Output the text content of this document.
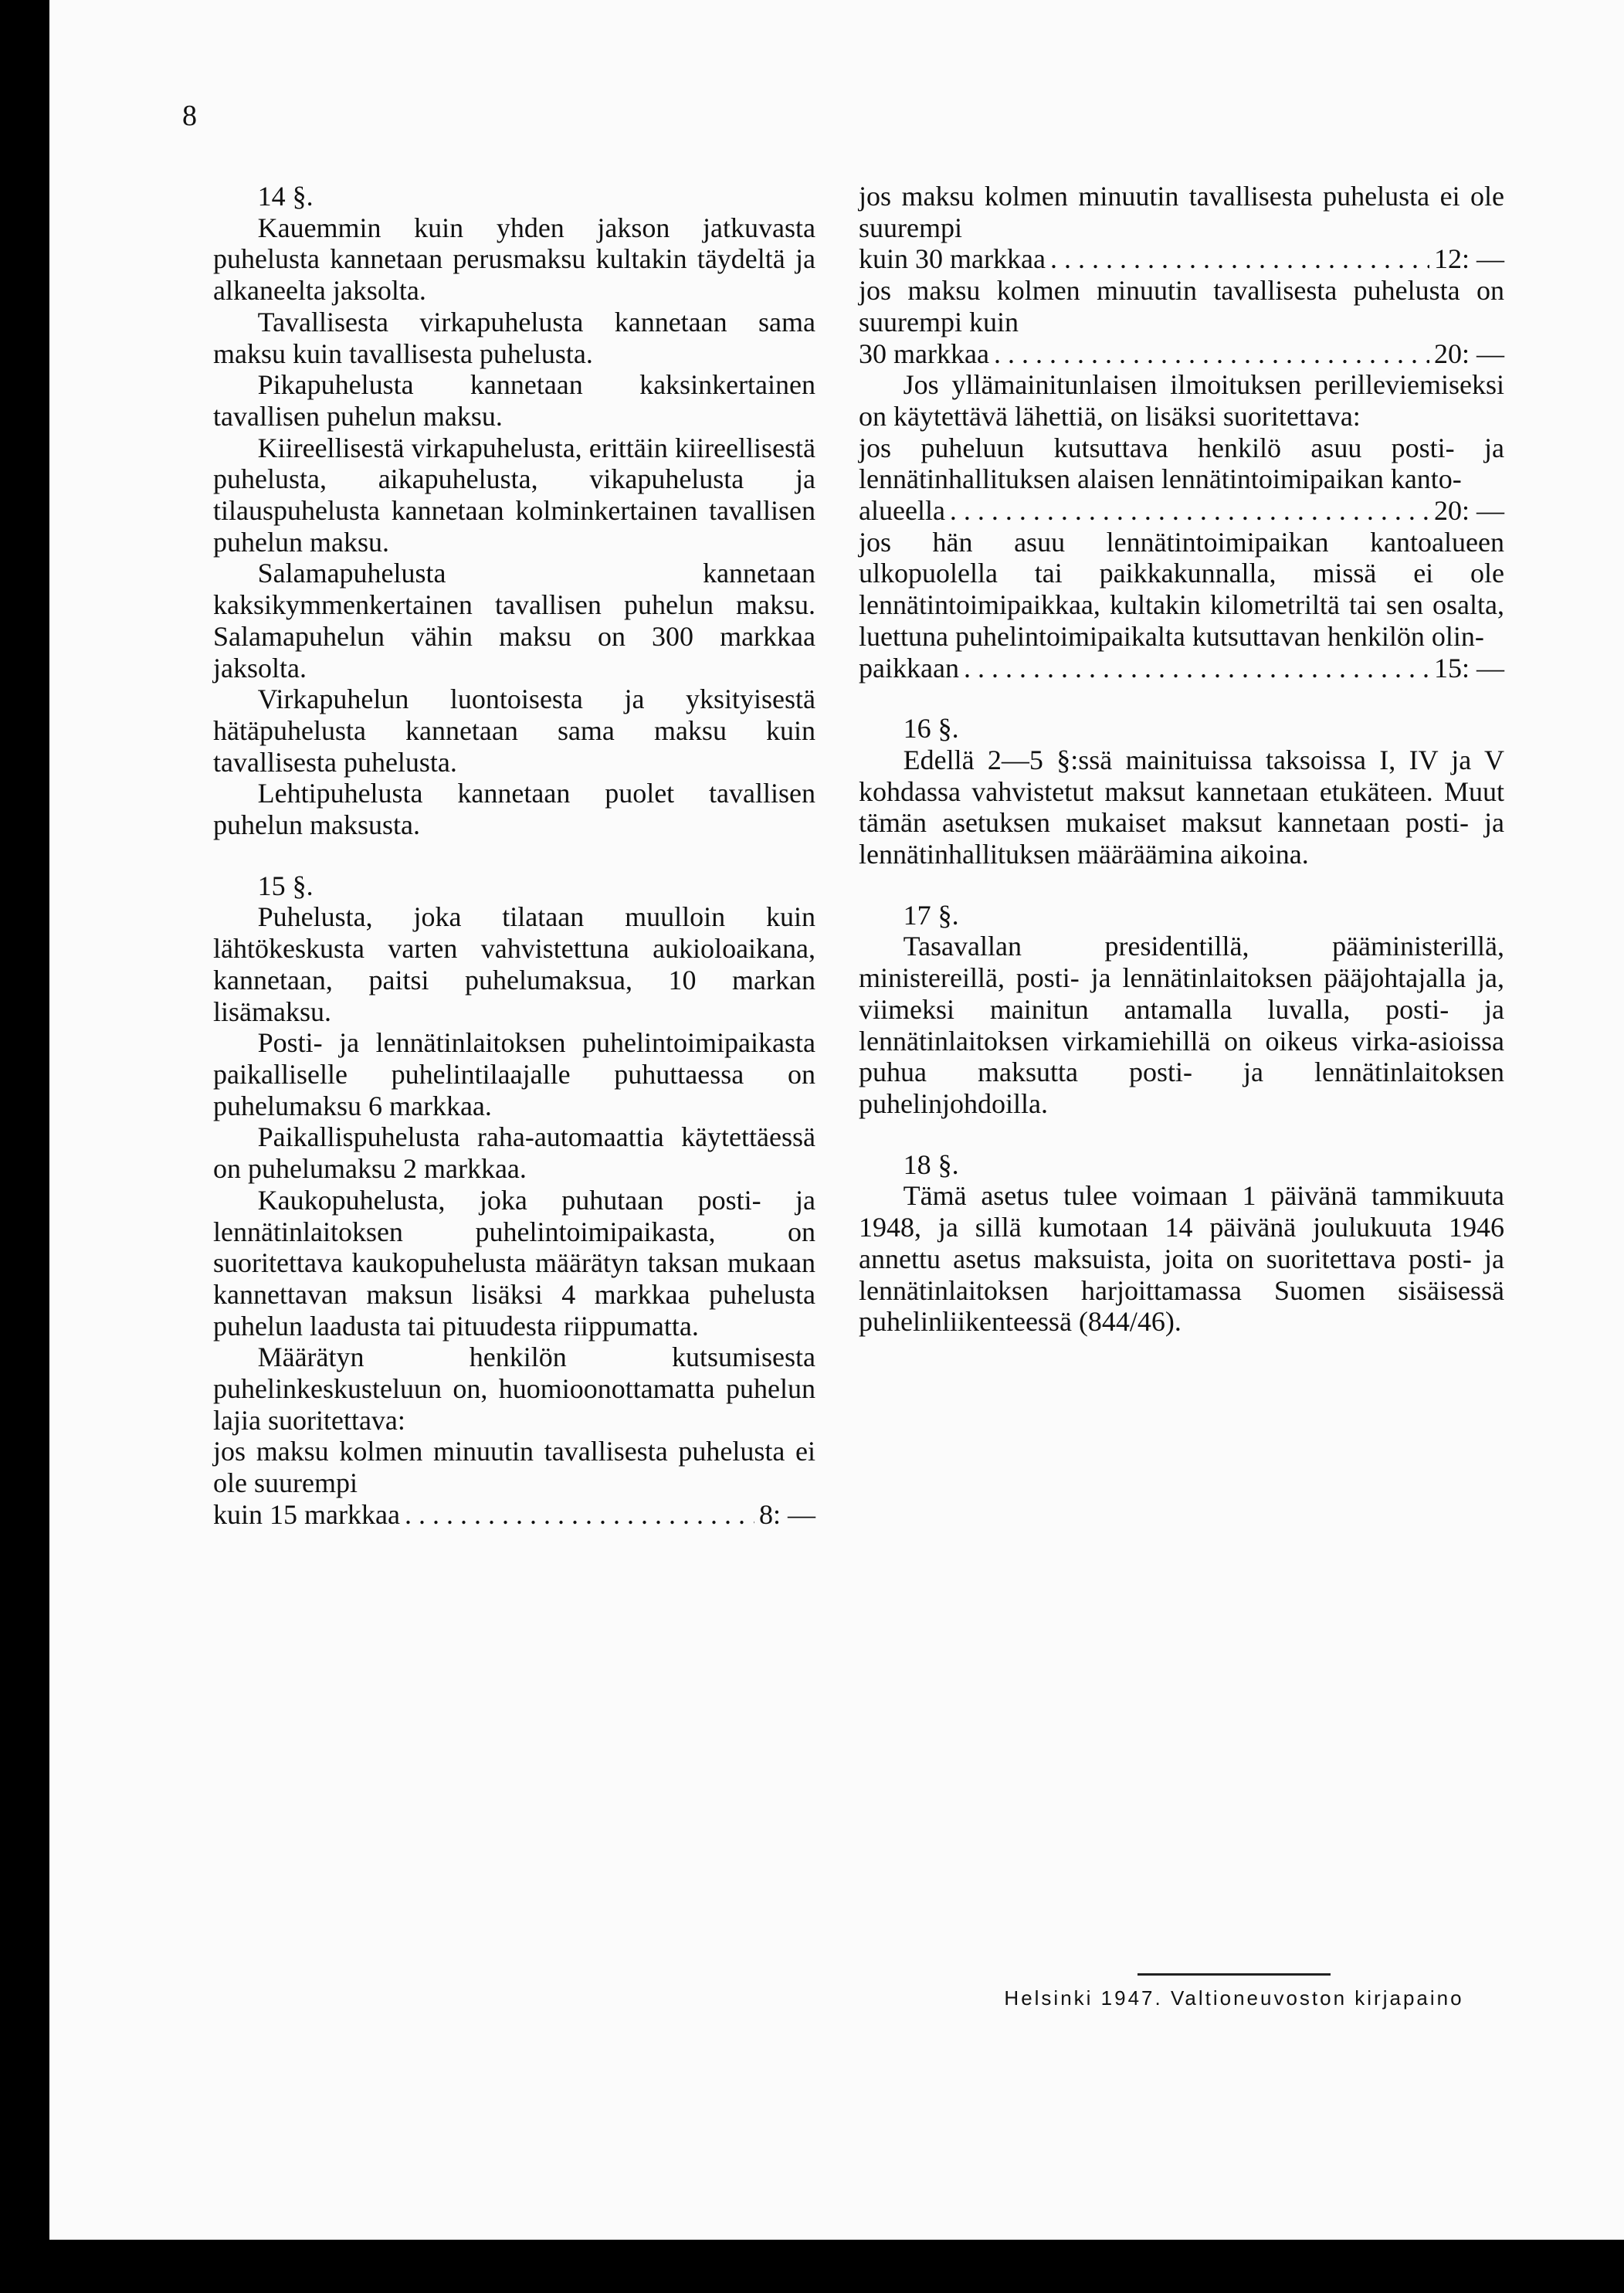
8

14 §.

Kauemmin kuin yhden jakson jatkuvasta puhelusta kannetaan perusmaksu kultakin täydeltä ja alkaneelta jaksolta.

Tavallisesta virkapuhelusta kannetaan sama maksu kuin tavallisesta puhelusta.

Pikapuhelusta kannetaan kaksinkertainen tavallisen puhelun maksu.

Kiireellisestä virkapuhelusta, erittäin kiireellisestä puhelusta, aikapuhelusta, vikapuhelusta ja tilauspuhelusta kannetaan kolminkertainen tavallisen puhelun maksu.

Salamapuhelusta kannetaan kaksikymmenkertainen tavallisen puhelun maksu. Salamapuhelun vähin maksu on 300 markkaa jaksolta.

Virkapuhelun luontoisesta ja yksityisestä hätäpuhelusta kannetaan sama maksu kuin tavallisesta puhelusta.

Lehtipuhelusta kannetaan puolet tavallisen puhelun maksusta.

15 §.

Puhelusta, joka tilataan muulloin kuin lähtökeskusta varten vahvistettuna aukioloaikana, kannetaan, paitsi puhelumaksua, 10 markan lisämaksu.

Posti- ja lennätinlaitoksen puhelintoimipaikasta paikalliselle puhelintilaajalle puhuttaessa on puhelumaksu 6 markkaa.

Paikallispuhelusta raha-automaattia käytettäessä on puhelumaksu 2 markkaa.

Kaukopuhelusta, joka puhutaan posti- ja lennätinlaitoksen puhelintoimipaikasta, on suoritettava kaukopuhelusta määrätyn taksan mukaan kannettavan maksun lisäksi 4 markkaa puhelusta puhelun laadusta tai pituudesta riippumatta.

Määrätyn henkilön kutsumisesta puhelinkeskusteluun on, huomioonottamatta puhelun lajia suoritettava:

jos maksu kolmen minuutin tavallisesta puhelusta ei ole suurempi
kuin 15 markkaa . . .	8: —
jos maksu kolmen minuutin tavallisesta puhelusta ei ole suurempi
kuin 30 markkaa . . .	12: —
jos maksu kolmen minuutin tavallisesta puhelusta on suurempi kuin
30 markkaa . . .	20: —

Jos yllämainitunlaisen ilmoituksen perilleviemiseksi on käytettävä lähettiä, on lisäksi suoritettava:

jos puheluun kutsuttava henkilö asuu posti- ja lennätinhallituksen alaisen lennätintoimipaikan kanto-
alueella . . .	20: —
jos hän asuu lennätintoimipaikan kantoalueen ulkopuolella tai paikkakunnalla, missä ei ole lennätintoimipaikkaa, kultakin kilometriltä tai sen osalta, luettuna puhelintoimipaikalta kutsuttavan henkilön olin-
paikkaan . . .	15: —

16 §.

Edellä 2—5 §:ssä mainituissa taksoissa I, IV ja V kohdassa vahvistetut maksut kannetaan etukäteen. Muut tämän asetuksen mukaiset maksut kannetaan posti- ja lennätinhallituksen määräämina aikoina.

17 §.

Tasavallan presidentillä, pääministerillä, ministereillä, posti- ja lennätinlaitoksen pääjohtajalla ja, viimeksi mainitun antamalla luvalla, posti- ja lennätinlaitoksen virkamiehillä on oikeus virka-asioissa puhua maksutta posti- ja lennätinlaitoksen puhelinjohdoilla.

18 §.

Tämä asetus tulee voimaan 1 päivänä tammikuuta 1948, ja sillä kumotaan 14 päivänä joulukuuta 1946 annettu asetus maksuista, joita on suoritettava posti- ja lennätinlaitoksen harjoittamassa Suomen sisäisessä puhelinliikenteessä (844/46).

Helsinki 1947. Valtioneuvoston kirjapaino
